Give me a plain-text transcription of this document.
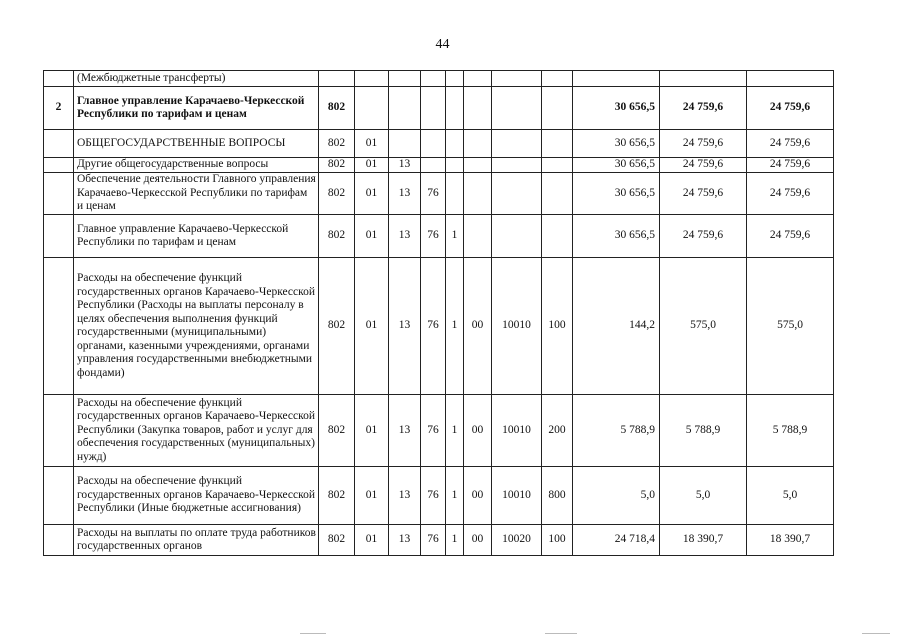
44
	(Межбюджетные трансферты)											
2	Главное управление Карачаево-Черкесской Республики по тарифам и ценам	802								30 656,5	24 759,6	24 759,6
	ОБЩЕГОСУДАРСТВЕННЫЕ ВОПРОСЫ	802	01							30 656,5	24 759,6	24 759,6
	Другие общегосударственные вопросы	802	01	13						30 656,5	24 759,6	24 759,6
	Обеспечение деятельности Главного управления Карачаево-Черкесской Республики по тарифам и ценам	802	01	13	76					30 656,5	24 759,6	24 759,6
	Главное управление Карачаево-Черкесской Республики по тарифам и ценам	802	01	13	76	1				30 656,5	24 759,6	24 759,6
	Расходы на обеспечение функций государственных органов Карачаево-Черкесской Республики (Расходы на выплаты персоналу в целях обеспечения выполнения функций государственными (муниципальными) органами, казенными учреждениями, органами управления государственными внебюджетными фондами)	802	01	13	76	1	00	10010	100	144,2	575,0	575,0
	Расходы на обеспечение функций государственных органов Карачаево-Черкесской Республики (Закупка товаров, работ и услуг для обеспечения государственных (муниципальных) нужд)	802	01	13	76	1	00	10010	200	5 788,9	5 788,9	5 788,9
	Расходы на обеспечение функций государственных органов Карачаево-Черкесской Республики (Иные бюджетные ассигнования)	802	01	13	76	1	00	10010	800	5,0	5,0	5,0
	Расходы на выплаты по оплате труда работников государственных органов	802	01	13	76	1	00	10020	100	24 718,4	18 390,7	18 390,7
